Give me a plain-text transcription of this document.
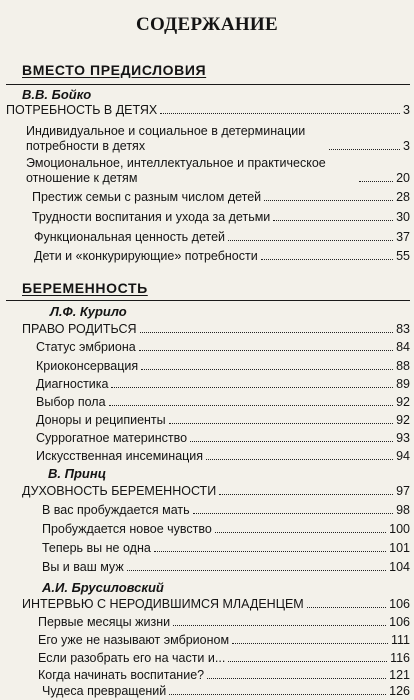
СОДЕРЖАНИЕ
ВМЕСТО ПРЕДИСЛОВИЯ
В.В. Бойко
ПОТРЕБНОСТЬ В ДЕТЯХ	3
Индивидуальное и социальное в детерминации потребности в детях	3
Эмоциональное, интеллектуальное и практическое отношение к детям	20
Престиж семьи с разным числом детей	28
Трудности воспитания и ухода за детьми	30
Функциональная ценность детей	37
Дети и «конкурирующие» потребности	55
БЕРЕМЕННОСТЬ
Л.Ф. Курило
ПРАВО РОДИТЬСЯ	83
Статус эмбриона	84
Криоконсервация	88
Диагностика	89
Выбор пола	92
Доноры и реципиенты	92
Суррогатное материнство	93
Искусственная инсеминация	94
В. Принц
ДУХОВНОСТЬ БЕРЕМЕННОСТИ	97
В вас пробуждается мать	98
Пробуждается новое чувство	100
Теперь вы не одна	101
Вы и ваш муж	104
А.И. Брусиловский
ИНТЕРВЬЮ С НЕРОДИВШИМСЯ МЛАДЕНЦЕМ	106
Первые месяцы жизни	106
Его уже не называют эмбрионом	111
Если разобрать его на части и...	116
Когда начинать воспитание?	121
Чудеса превращений	126
